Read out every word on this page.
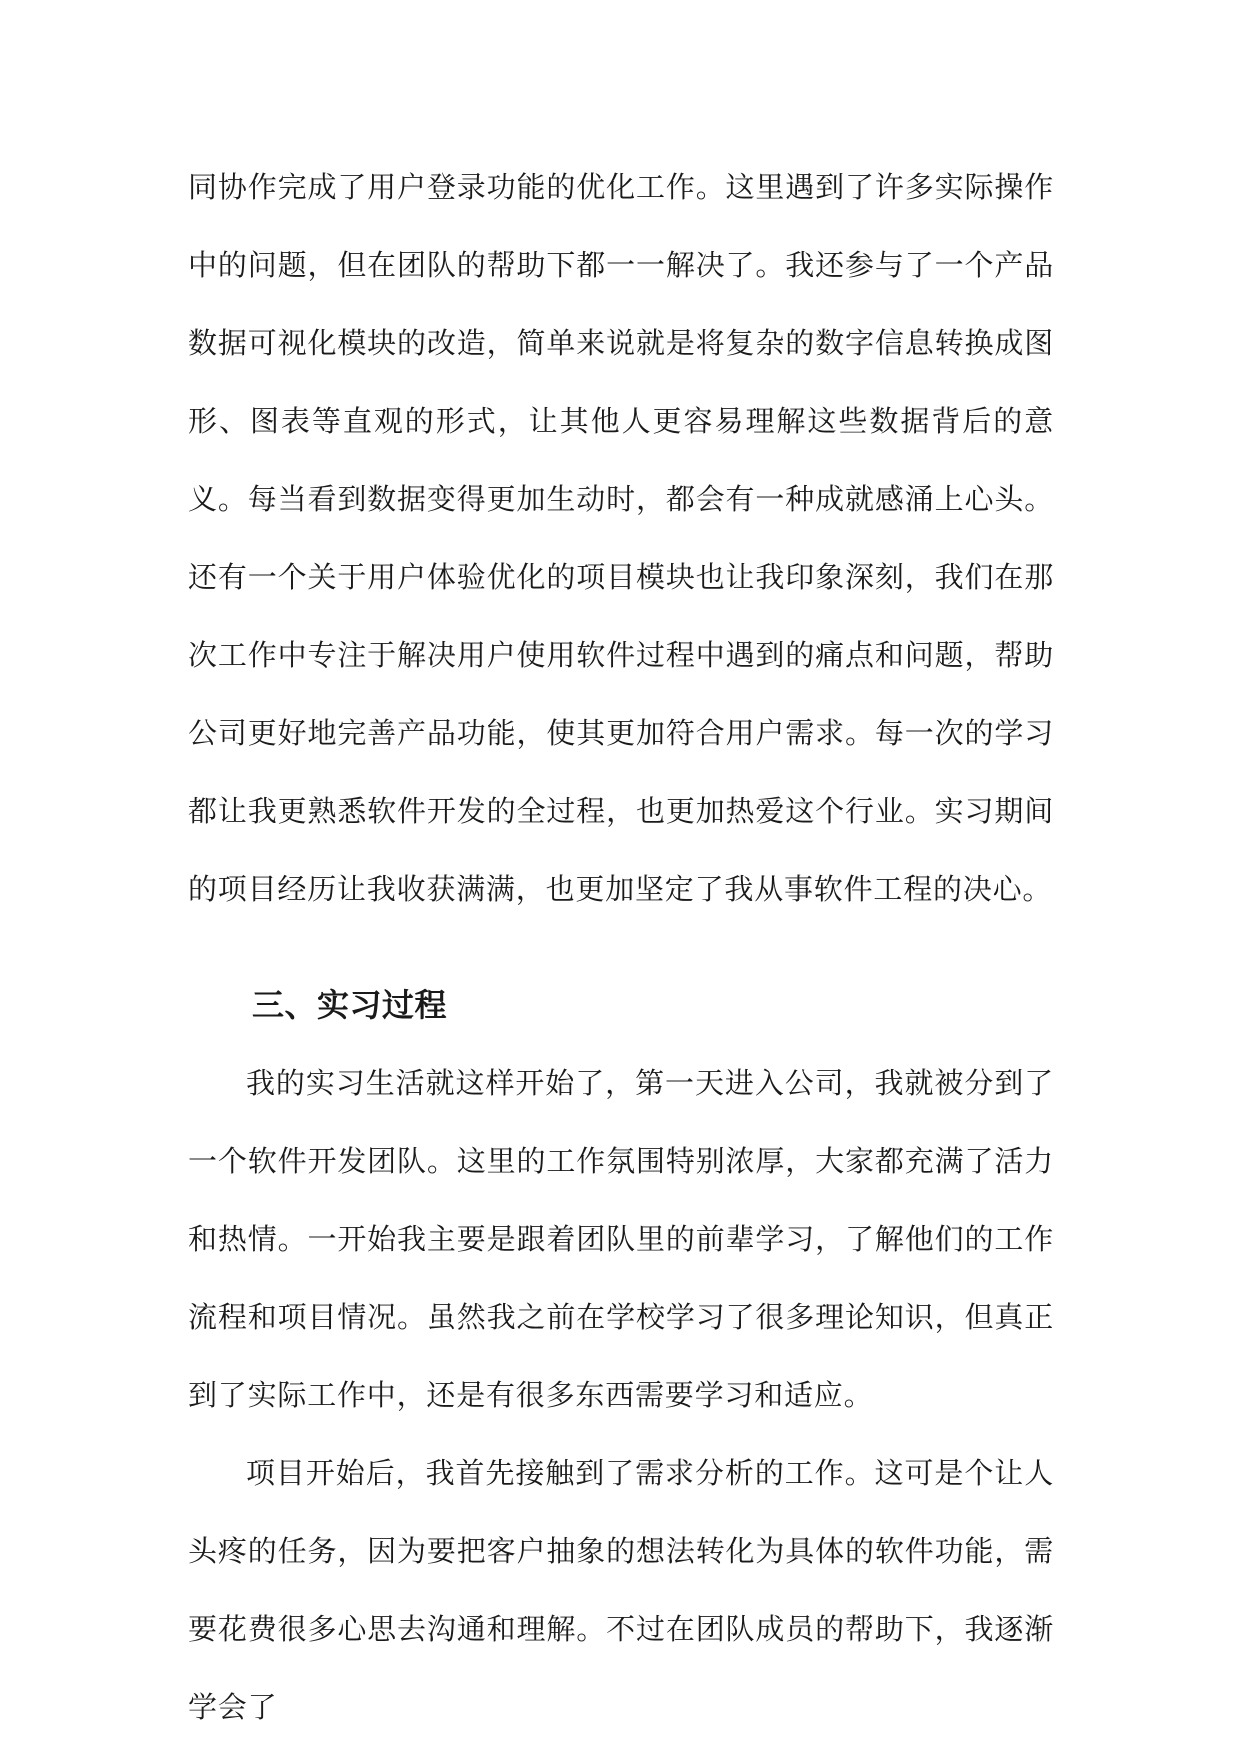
同协作完成了用户登录功能的优化工作。这里遇到了许多实际操作中的问题，但在团队的帮助下都一一解决了。我还参与了一个产品数据可视化模块的改造，简单来说就是将复杂的数字信息转换成图形、图表等直观的形式，让其他人更容易理解这些数据背后的意义。每当看到数据变得更加生动时，都会有一种成就感涌上心头。还有一个关于用户体验优化的项目模块也让我印象深刻，我们在那次工作中专注于解决用户使用软件过程中遇到的痛点和问题，帮助公司更好地完善产品功能，使其更加符合用户需求。每一次的学习都让我更熟悉软件开发的全过程，也更加热爱这个行业。实习期间的项目经历让我收获满满，也更加坚定了我从事软件工程的决心。

三、实习过程

我的实习生活就这样开始了，第一天进入公司，我就被分到了一个软件开发团队。这里的工作氛围特别浓厚，大家都充满了活力和热情。一开始我主要是跟着团队里的前辈学习，了解他们的工作流程和项目情况。虽然我之前在学校学习了很多理论知识，但真正到了实际工作中，还是有很多东西需要学习和适应。

项目开始后，我首先接触到了需求分析的工作。这可是个让人头疼的任务，因为要把客户抽象的想法转化为具体的软件功能，需要花费很多心思去沟通和理解。不过在团队成员的帮助下，我逐渐学会了
